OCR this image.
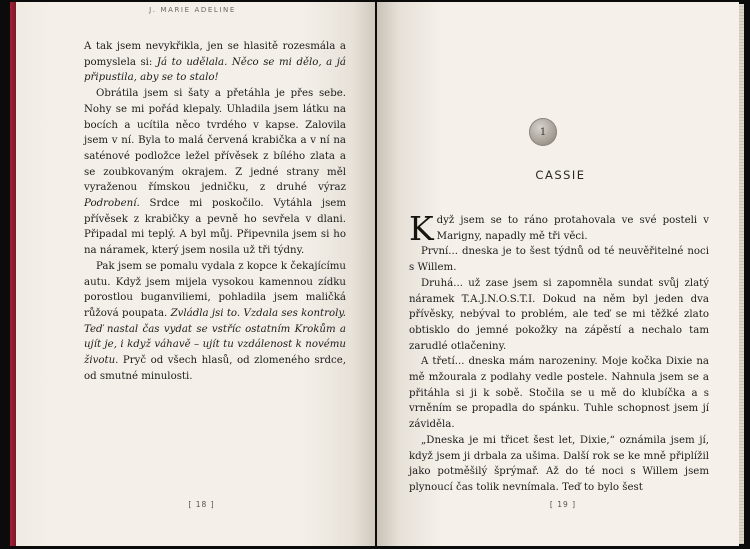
J. MARIE ADELINE

A tak jsem nevykřikla, jen se hlasitě rozesmála a pomyslela si: Já to udělala. Něco se mi dělo, a já připustila, aby se to stalo!

Obrátila jsem si šaty a přetáhla je přes sebe. Nohy se mi pořád klepaly. Uhladila jsem látku na bocích a ucítila něco tvrdého v kapse. Zalovila jsem v ní. Byla to malá červená krabička a v ní na saténové podložce ležel přívěsek z bílého zlata a se zoubkovaným okrajem. Z jedné strany měl vyraženou římskou jedničku, z druhé výraz Podrobení. Srdce mi poskočilo. Vytáhla jsem přívěsek z krabičky a pevně ho sevřela v dlani. Připadal mi teplý. A byl můj. Připevnila jsem si ho na náramek, který jsem nosila už tři týdny.

Pak jsem se pomalu vydala z kopce k čekajícímu autu. Když jsem mijela vysokou kamennou zídku porostlou buganviliemi, pohladila jsem maličká růžová poupata. Zvládla jsi to. Vzdala ses kontroly. Teď nastal čas vydat se vstříc ostatním Krokům a ujít je, i když váhavě – ujít tu vzdálenost k novému životu. Pryč od všech hlasů, od zlomeného srdce, od smutné minulosti.

[ 18 ]
1
CASSIE

Když jsem se to ráno protahovala ve své posteli v Marigny, napadly mě tři věci.

První... dneska je to šest týdnů od té neuvěřitelné noci s Willem.

Druhá... už zase jsem si zapomněla sundat svůj zlatý náramek T.A.J.N.O.S.T.I. Dokud na něm byl jeden dva přívěsky, nebýval to problém, ale teď se mi těžké zlato obtisklo do jemné pokožky na zápěstí a nechalo tam zarudlé otlačeniny.

A třetí... dneska mám narozeniny. Moje kočka Dixie na mě mžourala z podlahy vedle postele. Nahnula jsem se a přitáhla si ji k sobě. Stočila se u mě do klubíčka a s vrněním se propadla do spánku. Tuhle schopnost jsem jí záviděla.

„Dneska je mi třicet šest let, Dixie,“ oznámila jsem jí, když jsem ji drbala za ušima. Další rok se ke mně připlížil jako potměšilý šprýmař. Až do té noci s Willem jsem plynoucí čas tolik nevnímala. Teď to bylo šest

[ 19 ]
